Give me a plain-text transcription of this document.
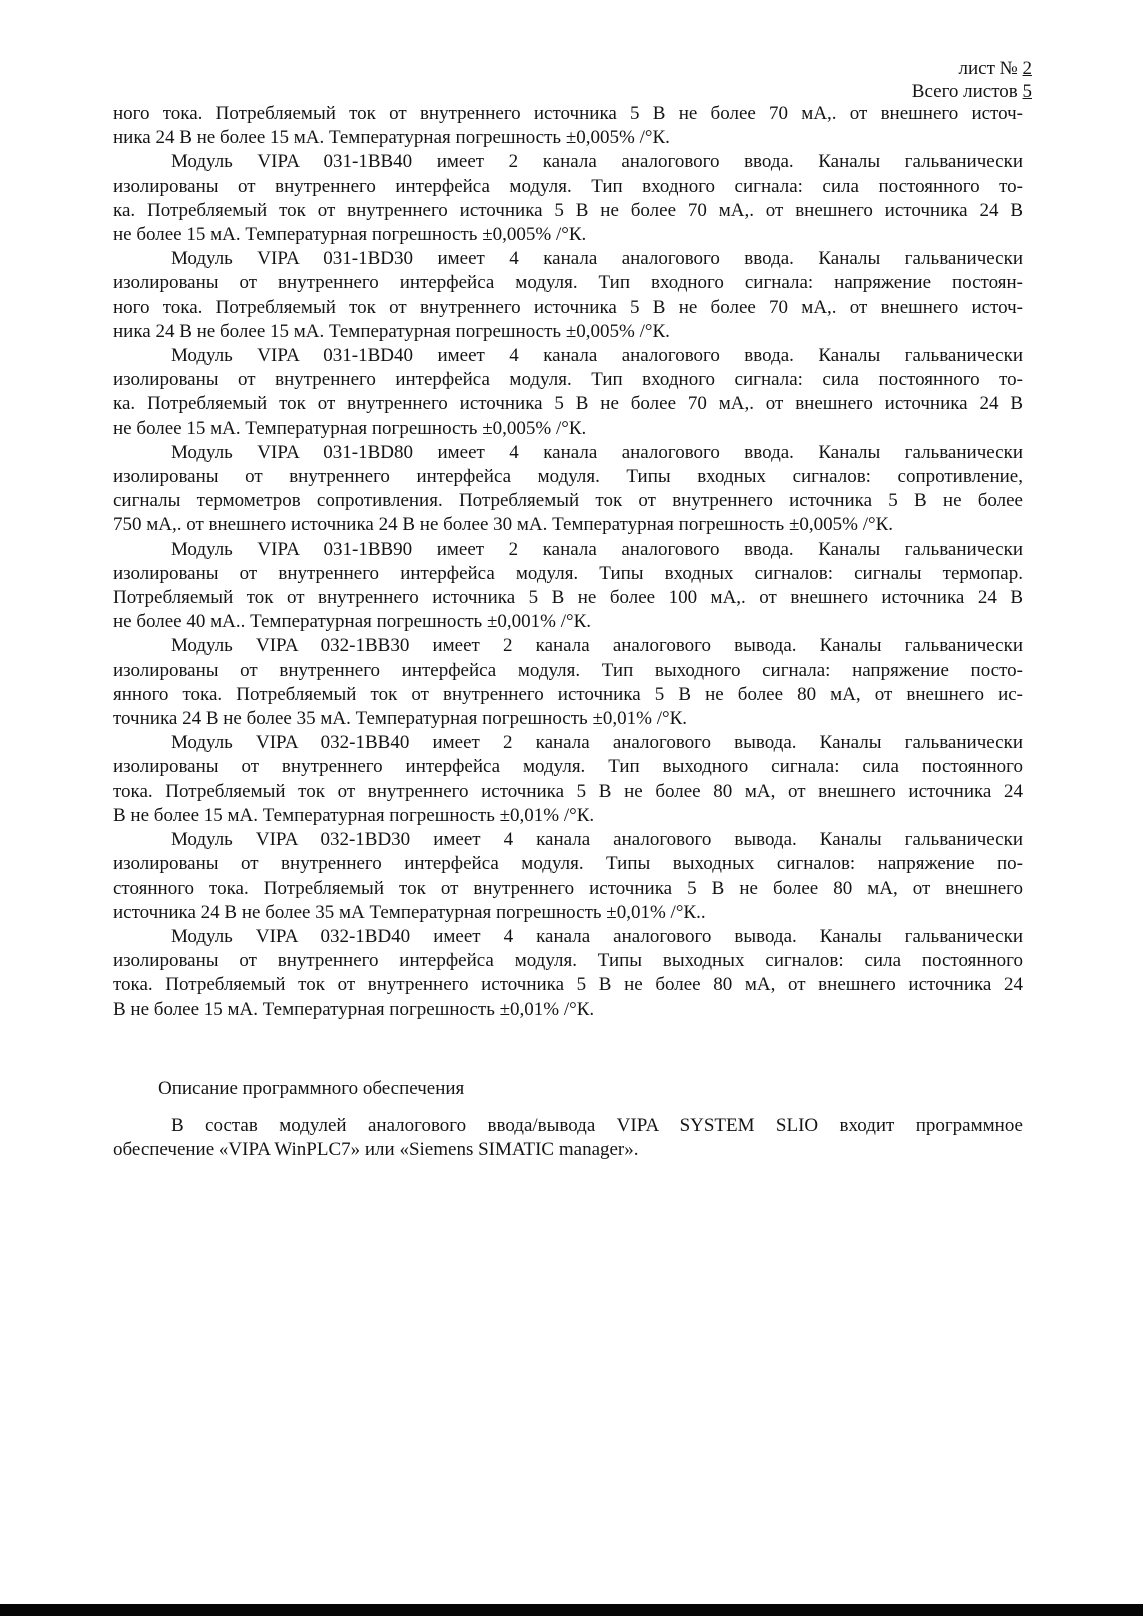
лист № 2
Всего листов 5
ного тока. Потребляемый ток от внутреннего источника 5 В не более 70 мА,. от внешнего источ-
ника 24 В не более 15 мА. Температурная погрешность ±0,005% /°К.
Модуль VIPA 031-1BB40 имеет 2 канала аналогового ввода. Каналы гальванически
изолированы от внутреннего интерфейса модуля. Тип входного сигнала: сила постоянного то-
ка. Потребляемый ток от внутреннего источника 5 В не более 70 мА,. от внешнего источника 24 В
не более 15 мА. Температурная погрешность ±0,005% /°К.
Модуль VIPA 031-1BD30 имеет 4 канала аналогового ввода. Каналы гальванически
изолированы от внутреннего интерфейса модуля. Тип входного сигнала: напряжение постоян-
ного тока. Потребляемый ток от внутреннего источника 5 В не более 70 мА,. от внешнего источ-
ника 24 В не более 15 мА. Температурная погрешность ±0,005% /°К.
Модуль VIPA 031-1BD40 имеет 4 канала аналогового ввода. Каналы гальванически
изолированы от внутреннего интерфейса модуля. Тип входного сигнала: сила постоянного то-
ка. Потребляемый ток от внутреннего источника 5 В не более 70 мА,. от внешнего источника 24 В
не более 15 мА. Температурная погрешность ±0,005% /°К.
Модуль VIPA 031-1BD80 имеет 4 канала аналогового ввода. Каналы гальванически
изолированы от внутреннего интерфейса модуля. Типы входных сигналов: сопротивление,
сигналы термометров сопротивления. Потребляемый ток от внутреннего источника 5 В не более
750 мА,. от внешнего источника 24 В не более 30 мА. Температурная погрешность ±0,005% /°К.
Модуль VIPA 031-1BB90 имеет 2 канала аналогового ввода. Каналы гальванически
изолированы от внутреннего интерфейса модуля. Типы входных сигналов: сигналы термопар.
Потребляемый ток от внутреннего источника 5 В не более 100 мА,. от внешнего источника 24 В
не более 40 мА.. Температурная погрешность ±0,001% /°К.
Модуль VIPA 032-1BB30 имеет 2 канала аналогового вывода. Каналы гальванически
изолированы от внутреннего интерфейса модуля. Тип выходного сигнала: напряжение посто-
янного тока. Потребляемый ток от внутреннего источника 5 В не более 80 мА, от внешнего ис-
точника 24 В не более 35 мА. Температурная погрешность ±0,01% /°К.
Модуль VIPA 032-1BB40 имеет 2 канала аналогового вывода. Каналы гальванически
изолированы от внутреннего интерфейса модуля. Тип выходного сигнала: сила постоянного
тока. Потребляемый ток от внутреннего источника 5 В не более 80 мА, от внешнего источника 24
В не более 15 мА. Температурная погрешность ±0,01% /°К.
Модуль VIPA 032-1BD30 имеет 4 канала аналогового вывода. Каналы гальванически
изолированы от внутреннего интерфейса модуля. Типы выходных сигналов: напряжение по-
стоянного тока. Потребляемый ток от внутреннего источника 5 В не более 80 мА, от внешнего
источника 24 В не более 35 мА Температурная погрешность ±0,01% /°К..
Модуль VIPA 032-1BD40 имеет 4 канала аналогового вывода. Каналы гальванически
изолированы от внутреннего интерфейса модуля. Типы выходных сигналов: сила постоянного
тока. Потребляемый ток от внутреннего источника 5 В не более 80 мА, от внешнего источника 24
В не более 15 мА. Температурная погрешность ±0,01% /°К.
Описание программного обеспечения
В состав модулей аналогового ввода/вывода VIPA SYSTEM SLIO входит программное
обеспечение «VIPA WinPLC7» или «Siemens SIMATIC manager».
